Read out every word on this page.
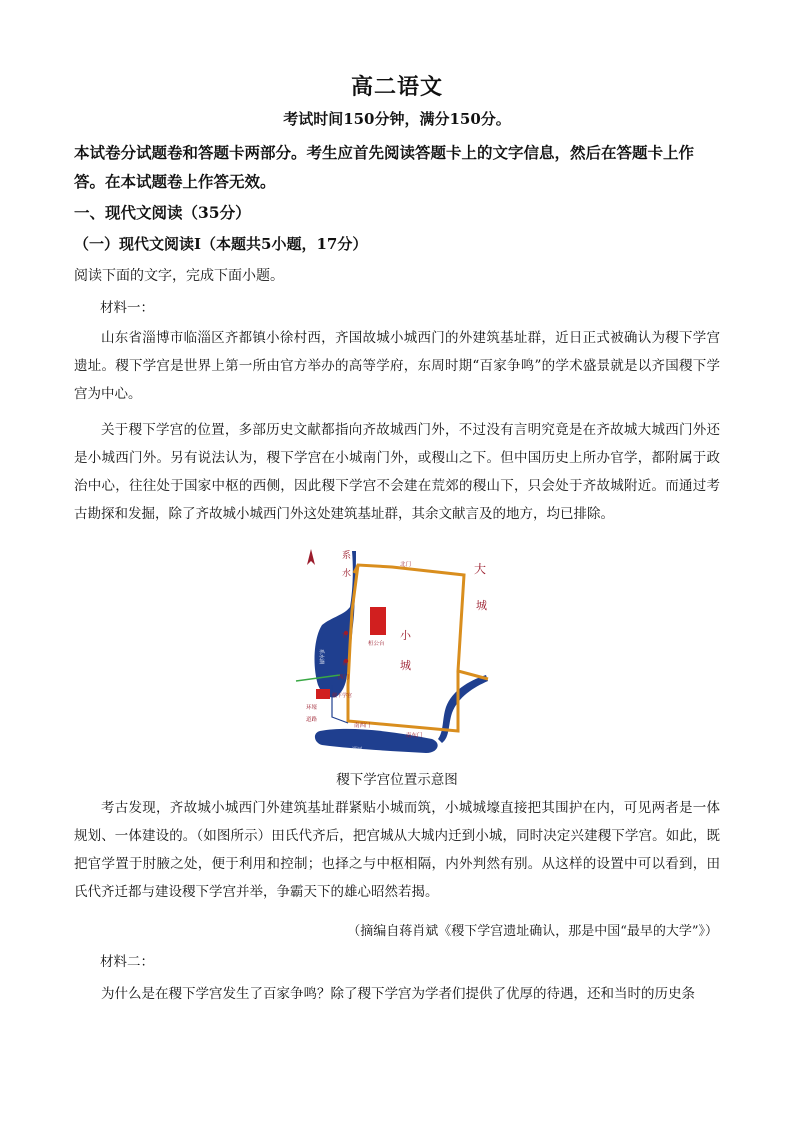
高二语文
考试时间150分钟，满分150分。
本试卷分试题卷和答题卡两部分。考生应首先阅读答题卡上的文字信息，然后在答题卡上作答。在本试题卷上作答无效。
一、现代文阅读（35分）
（一）现代文阅读Ⅰ（本题共5小题，17分）
阅读下面的文字，完成下面小题。
材料一：
山东省淄博市临淄区齐都镇小徐村西，齐国故城小城西门的外建筑基址群，近日正式被确认为稷下学宫遗址。稷下学宫是世界上第一所由官方举办的高等学府，东周时期“百家争鸣”的学术盛景就是以齐国稷下学宫为中心。
关于稷下学宫的位置，多部历史文献都指向齐故城西门外，不过没有言明究竟是在齐故城大城西门外还是小城西门外。另有说法认为，稷下学宫在小城南门外，或稷山之下。但中国历史上所办官学，都附属于政治中心，往往处于国家中枢的西侧，因此稷下学宫不会建在荒郊的稷山下，只会处于齐故城附近。而通过考古勘探和发掘，除了齐故城小城西门外这处建筑基址群，其余文献言及的地方，均已排除。
系
水
北门	大
城
桓公台
小
城
宫
泉
西门
稷下学宫
环壕
道路
南西门
南东门
淄河
系水湖
稷下学宫位置示意图
考古发现，齐故城小城西门外建筑基址群紧贴小城而筑，小城城壕直接把其围护在内，可见两者是一体规划、一体建设的。（如图所示）田氏代齐后，把宫城从大城内迁到小城，同时决定兴建稷下学宫。如此，既把官学置于肘腋之处，便于利用和控制；也择之与中枢相隔，内外判然有别。从这样的设置中可以看到，田氏代齐迁都与建设稷下学宫并举，争霸天下的雄心昭然若揭。
（摘编自蒋肖斌《稷下学宫遗址确认，那是中国“最早的大学”》）
材料二：
为什么是在稷下学宫发生了百家争鸣？除了稷下学宫为学者们提供了优厚的待遇，还和当时的历史条
